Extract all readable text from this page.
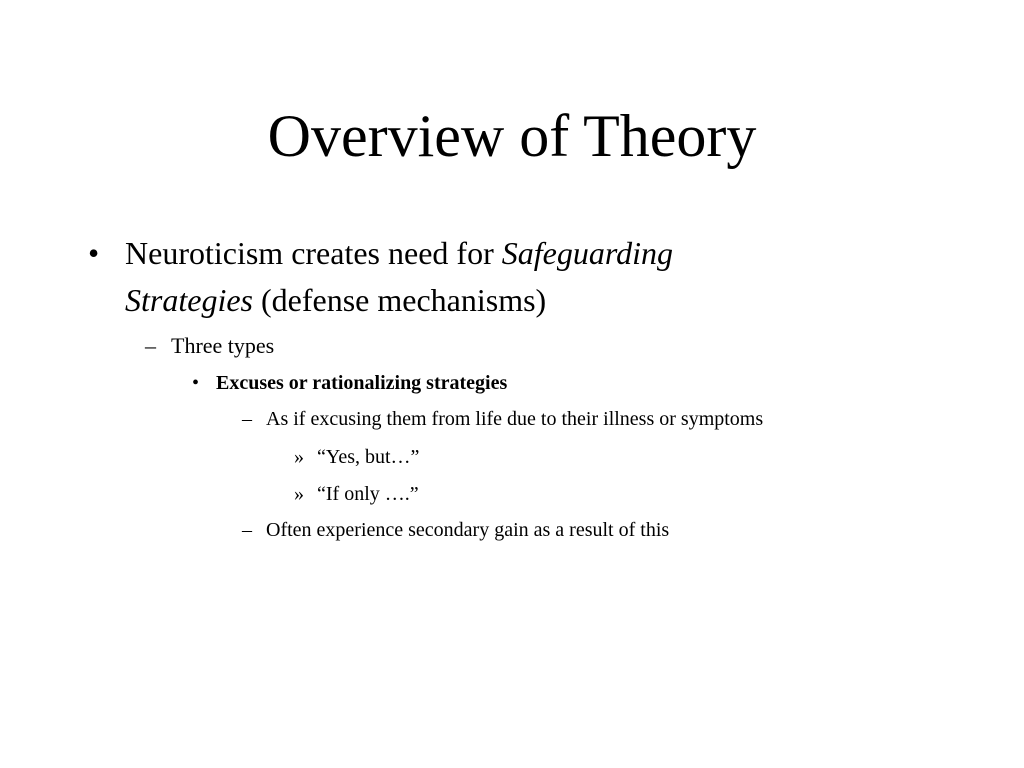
Overview of Theory
• Neuroticism creates need for Safeguarding
Strategies (defense mechanisms)
– Three types
• Excuses or rationalizing strategies
– As if excusing them from life due to their illness or symptoms
» “Yes, but…”
» “If only ….”
– Often experience secondary gain as a result of this
